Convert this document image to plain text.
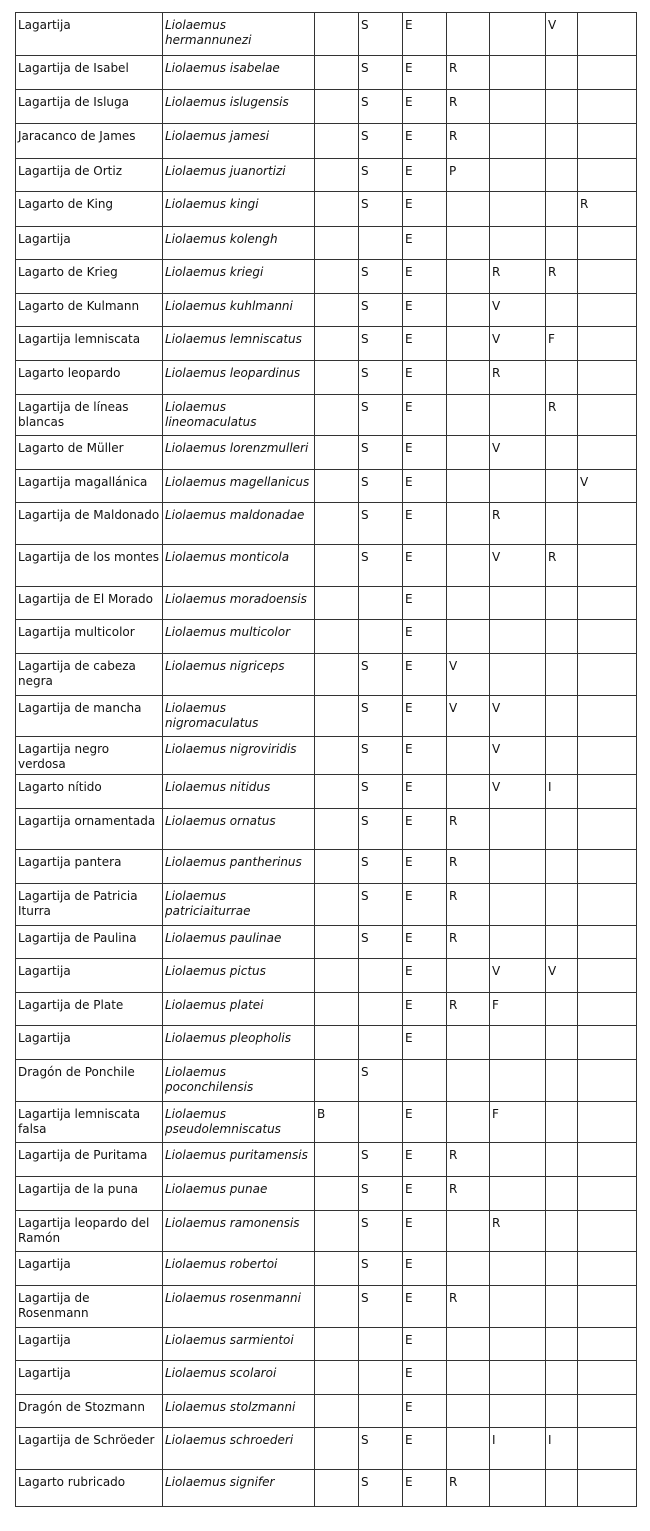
Lagartija	Liolaemus hermannunezi		S	E			V	
Lagartija de Isabel	Liolaemus isabelae		S	E	R			
Lagartija de Isluga	Liolaemus islugensis		S	E	R			
Jaracanco de James	Liolaemus jamesi		S	E	R			
Lagartija de Ortiz	Liolaemus juanortizi		S	E	P			
Lagarto de King	Liolaemus kingi		S	E				R
Lagartija	Liolaemus kolengh			E				
Lagarto de Krieg	Liolaemus kriegi		S	E		R	R	
Lagarto de Kulmann	Liolaemus kuhlmanni		S	E		V		
Lagartija lemniscata	Liolaemus lemniscatus		S	E		V	F	
Lagarto leopardo	Liolaemus leopardinus		S	E		R		
Lagartija de líneas blancas	Liolaemus lineomaculatus		S	E			R	
Lagarto de Müller	Liolaemus lorenzmulleri		S	E		V		
Lagartija magallánica	Liolaemus magellanicus		S	E				V
Lagartija de Maldonado	Liolaemus maldonadae		S	E		R		
Lagartija de los montes	Liolaemus monticola		S	E		V	R	
Lagartija de El Morado	Liolaemus moradoensis			E				
Lagartija multicolor	Liolaemus multicolor			E				
Lagartija de cabeza negra	Liolaemus nigriceps		S	E	V			
Lagartija de mancha	Liolaemus nigromaculatus		S	E	V	V		
Lagartija negro verdosa	Liolaemus nigroviridis		S	E		V		
Lagarto nítido	Liolaemus nitidus		S	E		V	I	
Lagartija ornamentada	Liolaemus ornatus		S	E	R			
Lagartija pantera	Liolaemus pantherinus		S	E	R			
Lagartija de Patricia Iturra	Liolaemus patriciaiturrae		S	E	R			
Lagartija de Paulina	Liolaemus paulinae		S	E	R			
Lagartija	Liolaemus pictus			E		V	V	
Lagartija de Plate	Liolaemus platei			E	R	F		
Lagartija	Liolaemus pleopholis			E				
Dragón de Ponchile	Liolaemus poconchilensis		S					
Lagartija lemniscata falsa	Liolaemus pseudolemniscatus	B		E		F		
Lagartija de Puritama	Liolaemus puritamensis		S	E	R			
Lagartija de la puna	Liolaemus punae		S	E	R			
Lagartija leopardo del Ramón	Liolaemus ramonensis		S	E		R		
Lagartija	Liolaemus robertoi		S	E				
Lagartija de Rosenmann	Liolaemus rosenmanni		S	E	R			
Lagartija	Liolaemus sarmientoi			E				
Lagartija	Liolaemus scolaroi			E				
Dragón de Stozmann	Liolaemus stolzmanni			E				
Lagartija de Schröeder	Liolaemus schroederi		S	E		I	I	
Lagarto rubricado	Liolaemus signifer		S	E	R			
